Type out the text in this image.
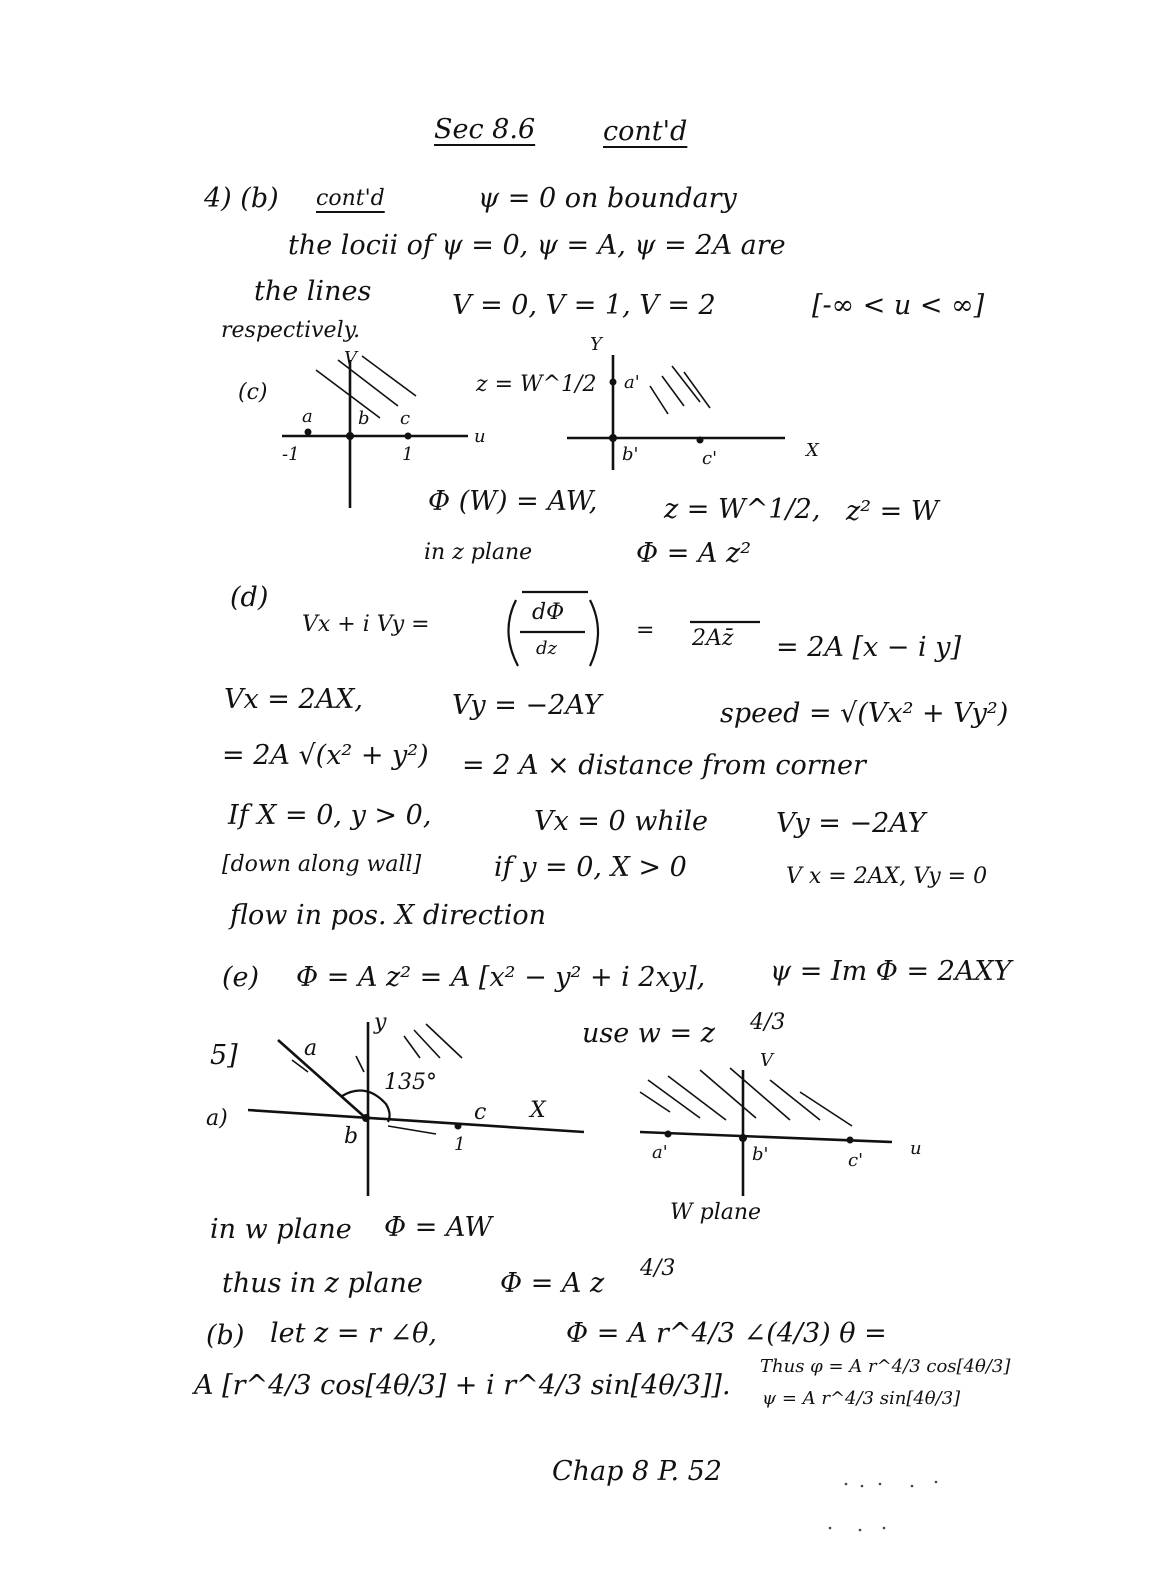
Sec 8.6	cont'd
4) (b) cont'd	ψ = 0 on boundary
the locii of ψ = 0, ψ = A, ψ = 2A are
the lines	V = 0, V = 1, V = 2	[-∞ < u < ∞]
respectively.
(c)
V
u
a	b c
-1	1
z = W^1/2
Y
X
a'
b'	c'
Φ (W) = AW, z = W^1/2, z² = W
in z plane	Φ = A z²
(d)
Vx + i Vy =	dΦ
dz
= 2Az̄ = 2A [x − i y]
Vx = 2AX,	Vy = −2AY	speed = √(Vx² + Vy²)
= 2A √(x² + y²) = 2 A × distance from corner
If X = 0, y > 0,	Vx = 0 while	Vy = −2AY
[down along wall]	if y = 0, X > 0	V x = 2AX, Vy = 0
flow in pos. X direction
(e) Φ = A z² = A [x² − y² + i 2xy], ψ = Im Φ = 2AXY
5]
a)
y
X
135°
a
b
c
1
use w = z 4/3
V
u
a'	b'	c'
W plane
in w plane Φ = AW
thus in z plane	Φ = A z 4/3
(b) let z = r ∠θ,	Φ = A r^4/3 ∠(4/3) θ =
A [r^4/3 cos[4θ/3] + i r^4/3 sin[4θ/3]].
Thus φ = A r^4/3 cos[4θ/3]
ψ = A r^4/3 sin[4θ/3]
Chap 8 P. 52
